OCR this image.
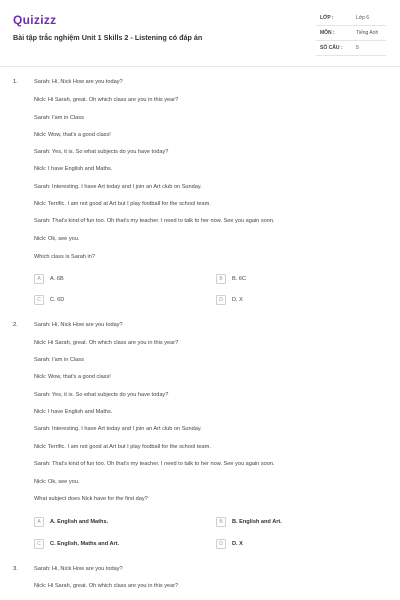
Quizizz
Bài tập trắc nghiệm Unit 1 Skills 2 - Listening có đáp án
LỚP :	Lớp 6
MÔN :	Tiếng Anh
SỐ CÂU :	5
1.	Sarah: Hi, Nick How are you today?
Nick: Hi Sarah, great. Oh which class are you in this year?
Sarah: I'am in Class
Nick: Wow, that's a good class!
Sarah: Yes, it is. So what subjects do you have today?
Nick: I have English and Maths.
Sarah: Interesting. I have Art today and I join an Art club on Sunday.
Nick: Terrific. I am not good at Art but I play football for the school team.
Sarah: That's kind of fun too. Oh that's my teacher. I need to talk to her now. See you again soon.
Nick: Ok, see you.
Which class is Sarah in?
A	A. 6B	B	B. 6C
C	C. 6D	D	D. X
2.	Sarah: Hi, Nick How are you today?
Nick: Hi Sarah, great. Oh which class are you in this year?
Sarah: I'am in Class
Nick: Wow, that's a good class!
Sarah: Yes, it is. So what subjects do you have today?
Nick: I have English and Maths.
Sarah: Interesting. I have Art today and I join an Art club on Sunday.
Nick: Terrific. I am not good at Art but I play football for the school team.
Sarah: That's kind of fun too. Oh that's my teacher. I need to talk to her now. See you again soon.
Nick: Ok, see you.
What subject does Nick have for the first day?
A	A. English and Maths.	B	B. English and Art.
C	C. English, Maths and Art.	D	D. X
3.	Sarah: Hi, Nick How are you today?
Nick: Hi Sarah, great. Oh which class are you in this year?
